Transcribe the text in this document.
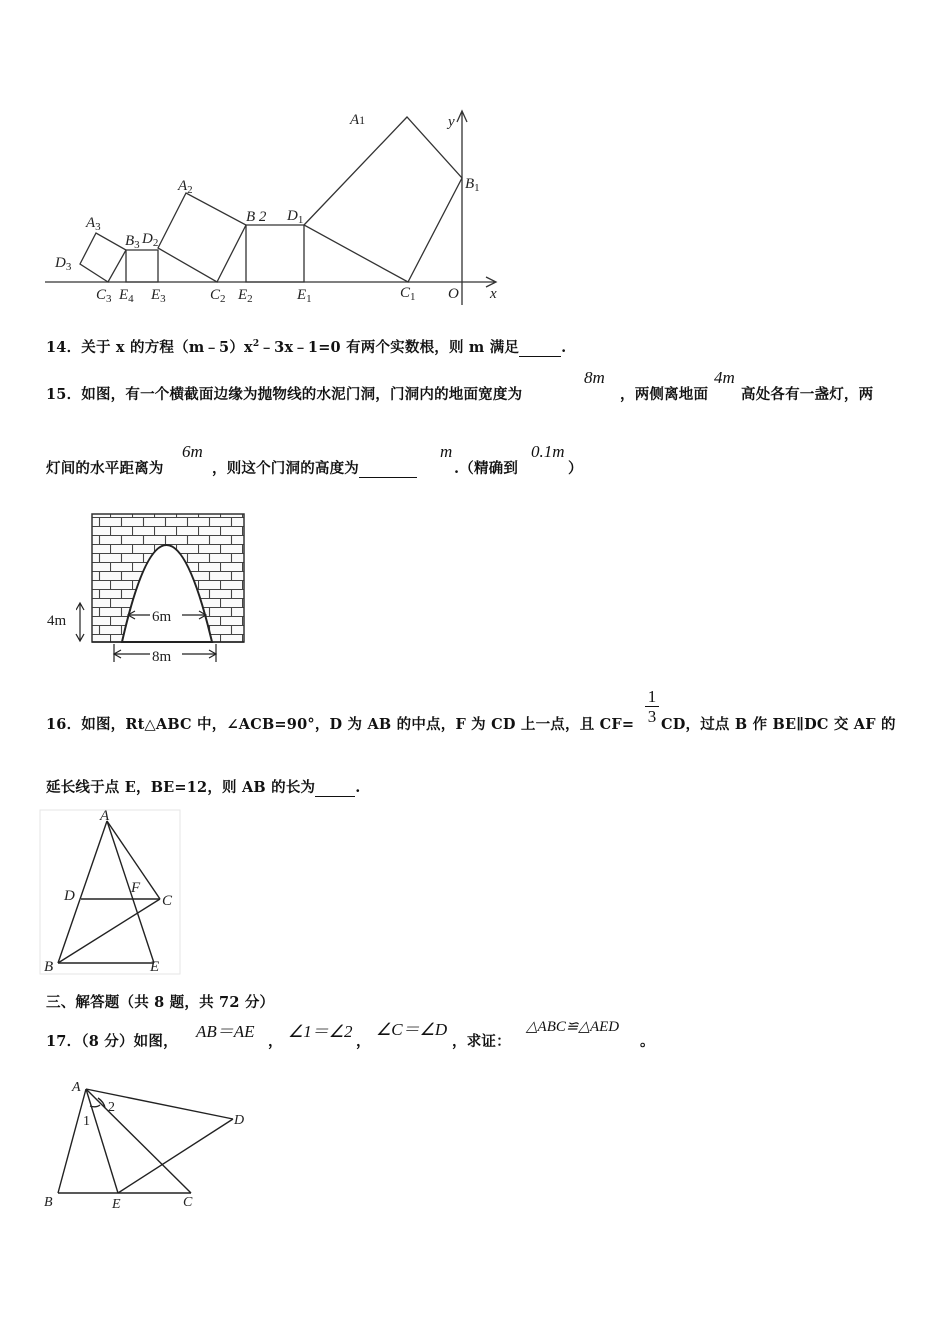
A1	y
$B_1$
$A_2$
B 2 $D_1$
$A_3$
$B_3$ $D_2$
$D_3$
$C_3$ $E_4$ $E_3$	$C_2$ $E_2$	$E_1$	$C_1$ O x
14．关于 x 的方程$(m﹣5)x^2﹣3x﹣1=0$ 有两个实数根，则 m 满足	.
15．如图，有一个横截面边缘为抛物线的水泥门洞，门洞内的地面宽度为
8m
，两侧离地面
4m
高处各有一盏灯，两
灯间的水平距离为
6m
，则这个门洞的高度为
m
.（精确到
0.1m
）
4m	6m
8m
16．如图，Rt△ABC 中，∠ACB=90°，D 为 AB 的中点，F 为 CD 上一点，且 $CF= \frac{1}{3}$ CD，过点 B 作 BE∥DC 交 AF 的
延长线于点 E，BE=12，则 AB 的长为	.
A
D	F
C
B	E
三、解答题（共 8 题，共 72 分）
17．（8 分）如图，
AB＝AE
，
∠1＝∠2
，
∠C＝∠D
，求证：
△ABC≌△AED
。
A
1
2
D
B	E	C
